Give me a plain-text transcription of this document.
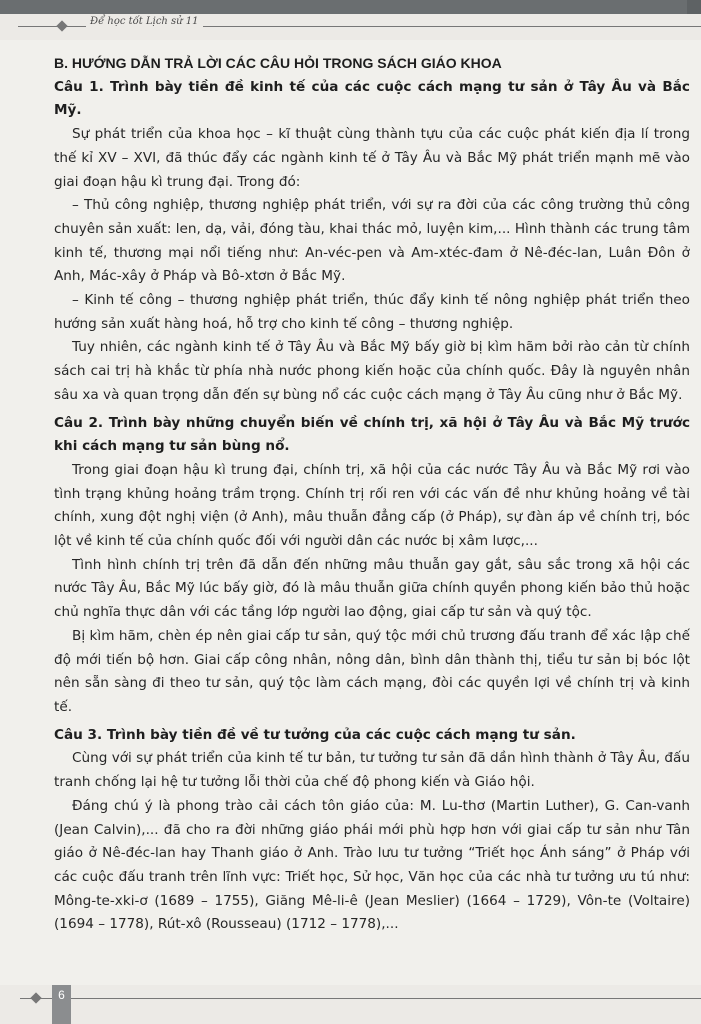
Để học tốt Lịch sử 11

B. HƯỚNG DẪN TRẢ LỜI CÁC CÂU HỎI TRONG SÁCH GIÁO KHOA

Câu 1. Trình bày tiền đề kinh tế của các cuộc cách mạng tư sản ở Tây Âu và Bắc Mỹ.

Sự phát triển của khoa học – kĩ thuật cùng thành tựu của các cuộc phát kiến địa lí trong thế kỉ XV – XVI, đã thúc đẩy các ngành kinh tế ở Tây Âu và Bắc Mỹ phát triển mạnh mẽ vào giai đoạn hậu kì trung đại. Trong đó:

– Thủ công nghiệp, thương nghiệp phát triển, với sự ra đời của các công trường thủ công chuyên sản xuất: len, dạ, vải, đóng tàu, khai thác mỏ, luyện kim,... Hình thành các trung tâm kinh tế, thương mại nổi tiếng như: An-véc-pen và Am-xtéc-đam ở Nê-đéc-lan, Luân Đôn ở Anh, Mác-xây ở Pháp và Bô-xtơn ở Bắc Mỹ.

– Kinh tế công – thương nghiệp phát triển, thúc đẩy kinh tế nông nghiệp phát triển theo hướng sản xuất hàng hoá, hỗ trợ cho kinh tế công – thương nghiệp.

Tuy nhiên, các ngành kinh tế ở Tây Âu và Bắc Mỹ bấy giờ bị kìm hãm bởi rào cản từ chính sách cai trị hà khắc từ phía nhà nước phong kiến hoặc của chính quốc. Đây là nguyên nhân sâu xa và quan trọng dẫn đến sự bùng nổ các cuộc cách mạng ở Tây Âu cũng như ở Bắc Mỹ.

Câu 2. Trình bày những chuyển biến về chính trị, xã hội ở Tây Âu và Bắc Mỹ trước khi cách mạng tư sản bùng nổ.

Trong giai đoạn hậu kì trung đại, chính trị, xã hội của các nước Tây Âu và Bắc Mỹ rơi vào tình trạng khủng hoảng trầm trọng. Chính trị rối ren với các vấn đề như khủng hoảng về tài chính, xung đột nghị viện (ở Anh), mâu thuẫn đẳng cấp (ở Pháp), sự đàn áp về chính trị, bóc lột về kinh tế của chính quốc đối với người dân các nước bị xâm lược,...

Tình hình chính trị trên đã dẫn đến những mâu thuẫn gay gắt, sâu sắc trong xã hội các nước Tây Âu, Bắc Mỹ lúc bấy giờ, đó là mâu thuẫn giữa chính quyền phong kiến bảo thủ hoặc chủ nghĩa thực dân với các tầng lớp người lao động, giai cấp tư sản và quý tộc.

Bị kìm hãm, chèn ép nên giai cấp tư sản, quý tộc mới chủ trương đấu tranh để xác lập chế độ mới tiến bộ hơn. Giai cấp công nhân, nông dân, bình dân thành thị, tiểu tư sản bị bóc lột nên sẵn sàng đi theo tư sản, quý tộc làm cách mạng, đòi các quyền lợi về chính trị và kinh tế.

Câu 3. Trình bày tiền đề về tư tưởng của các cuộc cách mạng tư sản.

Cùng với sự phát triển của kinh tế tư bản, tư tưởng tư sản đã dần hình thành ở Tây Âu, đấu tranh chống lại hệ tư tưởng lỗi thời của chế độ phong kiến và Giáo hội.

Đáng chú ý là phong trào cải cách tôn giáo của: M. Lu-thơ (Martin Luther), G. Can-vanh (Jean Calvin),... đã cho ra đời những giáo phái mới phù hợp hơn với giai cấp tư sản như Tân giáo ở Nê-đéc-lan hay Thanh giáo ở Anh. Trào lưu tư tưởng “Triết học Ánh sáng” ở Pháp với các cuộc đấu tranh trên lĩnh vực: Triết học, Sử học, Văn học của các nhà tư tưởng ưu tú như: Mông-te-xki-ơ (1689 – 1755), Giăng Mê-li-ê (Jean Meslier) (1664 – 1729), Vôn-te (Voltaire) (1694 – 1778), Rút-xô (Rousseau) (1712 – 1778),...

6
